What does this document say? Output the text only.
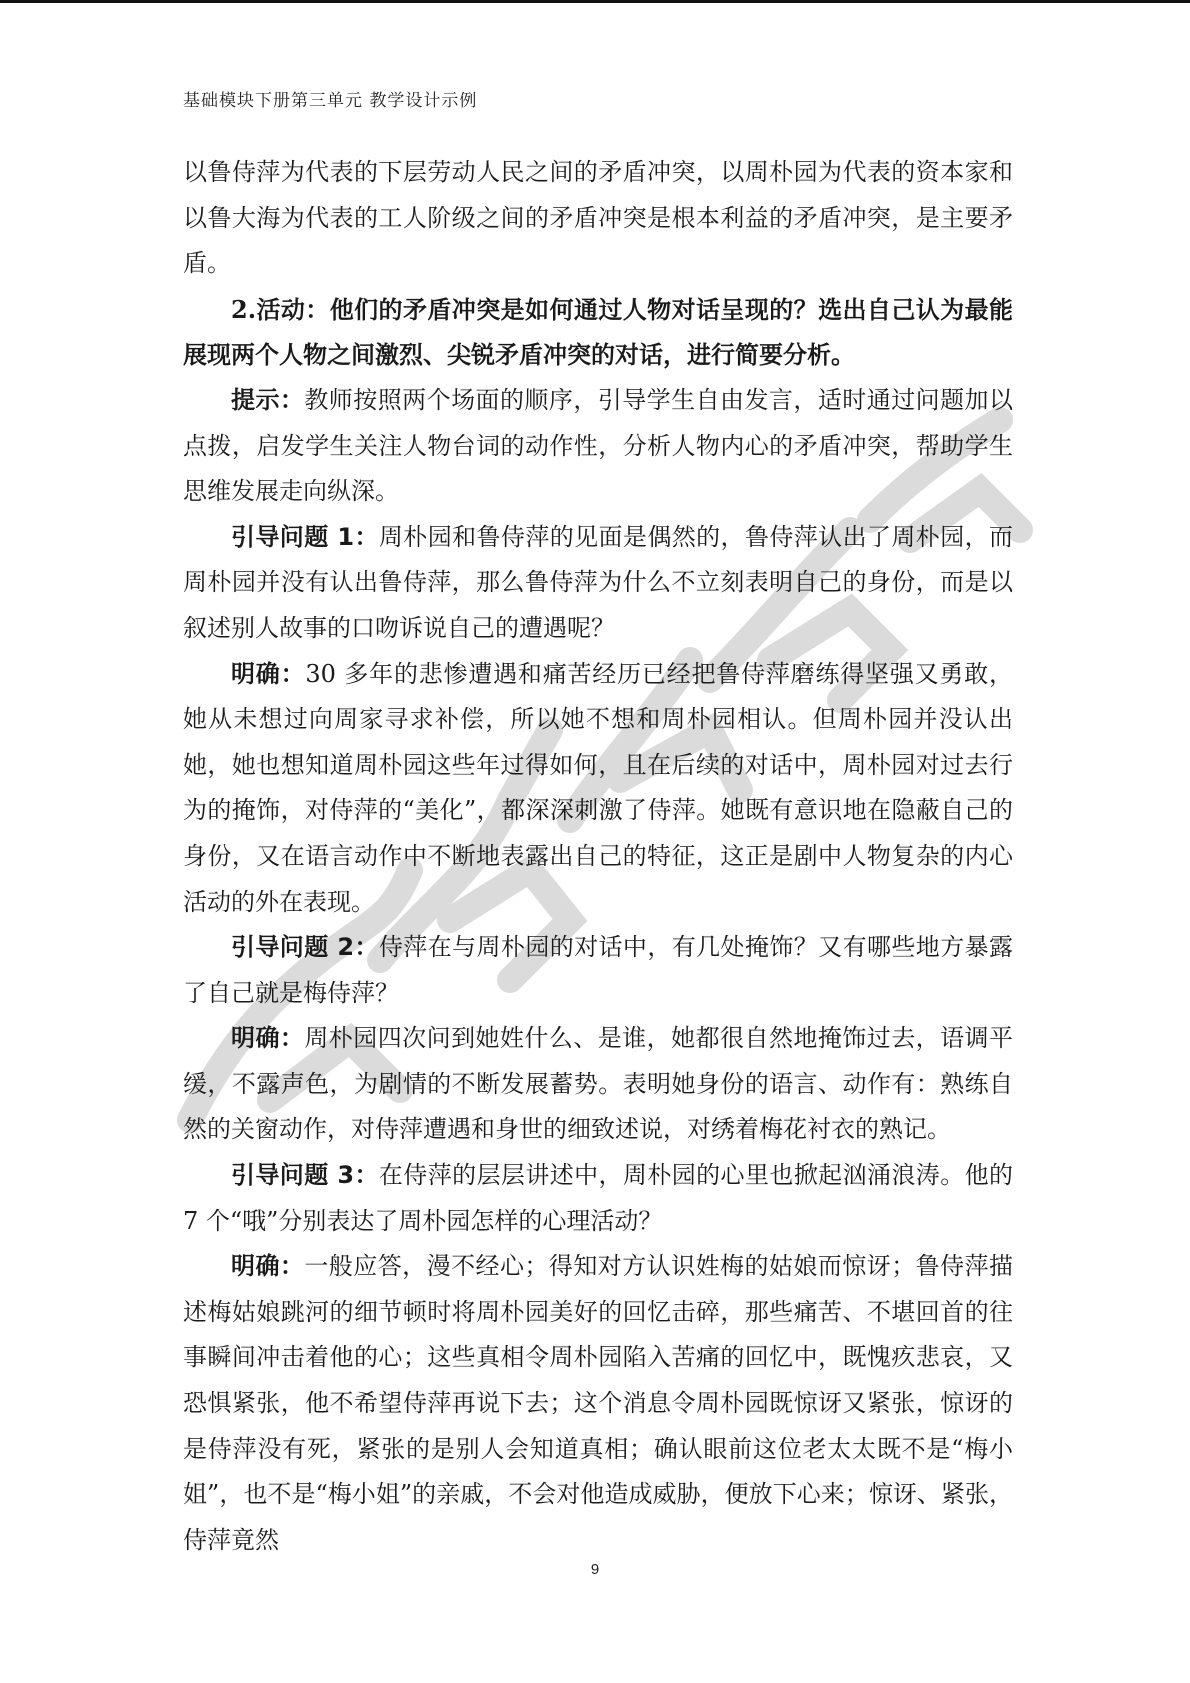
基础模块下册第三单元 教学设计示例

以鲁侍萍为代表的下层劳动人民之间的矛盾冲突，以周朴园为代表的资本家和以鲁大海为代表的工人阶级之间的矛盾冲突是根本利益的矛盾冲突，是主要矛盾。

2.活动：他们的矛盾冲突是如何通过人物对话呈现的？选出自己认为最能展现两个人物之间激烈、尖锐矛盾冲突的对话，进行简要分析。

提示：教师按照两个场面的顺序，引导学生自由发言，适时通过问题加以点拨，启发学生关注人物台词的动作性，分析人物内心的矛盾冲突，帮助学生思维发展走向纵深。

引导问题 1：周朴园和鲁侍萍的见面是偶然的，鲁侍萍认出了周朴园，而周朴园并没有认出鲁侍萍，那么鲁侍萍为什么不立刻表明自己的身份，而是以叙述别人故事的口吻诉说自己的遭遇呢？

明确：30 多年的悲惨遭遇和痛苦经历已经把鲁侍萍磨练得坚强又勇敢，她从未想过向周家寻求补偿，所以她不想和周朴园相认。但周朴园并没认出她，她也想知道周朴园这些年过得如何，且在后续的对话中，周朴园对过去行为的掩饰，对侍萍的“美化”，都深深刺激了侍萍。她既有意识地在隐蔽自己的身份，又在语言动作中不断地表露出自己的特征，这正是剧中人物复杂的内心活动的外在表现。

引导问题 2：侍萍在与周朴园的对话中，有几处掩饰？又有哪些地方暴露了自己就是梅侍萍？

明确：周朴园四次问到她姓什么、是谁，她都很自然地掩饰过去，语调平缓，不露声色，为剧情的不断发展蓄势。表明她身份的语言、动作有：熟练自然的关窗动作，对侍萍遭遇和身世的细致述说，对绣着梅花衬衣的熟记。

引导问题 3：在侍萍的层层讲述中，周朴园的心里也掀起汹涌浪涛。他的 7 个“哦”分别表达了周朴园怎样的心理活动？

明确：一般应答，漫不经心；得知对方认识姓梅的姑娘而惊讶；鲁侍萍描述梅姑娘跳河的细节顿时将周朴园美好的回忆击碎，那些痛苦、不堪回首的往事瞬间冲击着他的心；这些真相令周朴园陷入苦痛的回忆中，既愧疚悲哀，又恐惧紧张，他不希望侍萍再说下去；这个消息令周朴园既惊讶又紧张，惊讶的是侍萍没有死，紧张的是别人会知道真相；确认眼前这位老太太既不是“梅小姐”，也不是“梅小姐”的亲戚，不会对他造成威胁，便放下心来；惊讶、紧张，侍萍竟然

9
